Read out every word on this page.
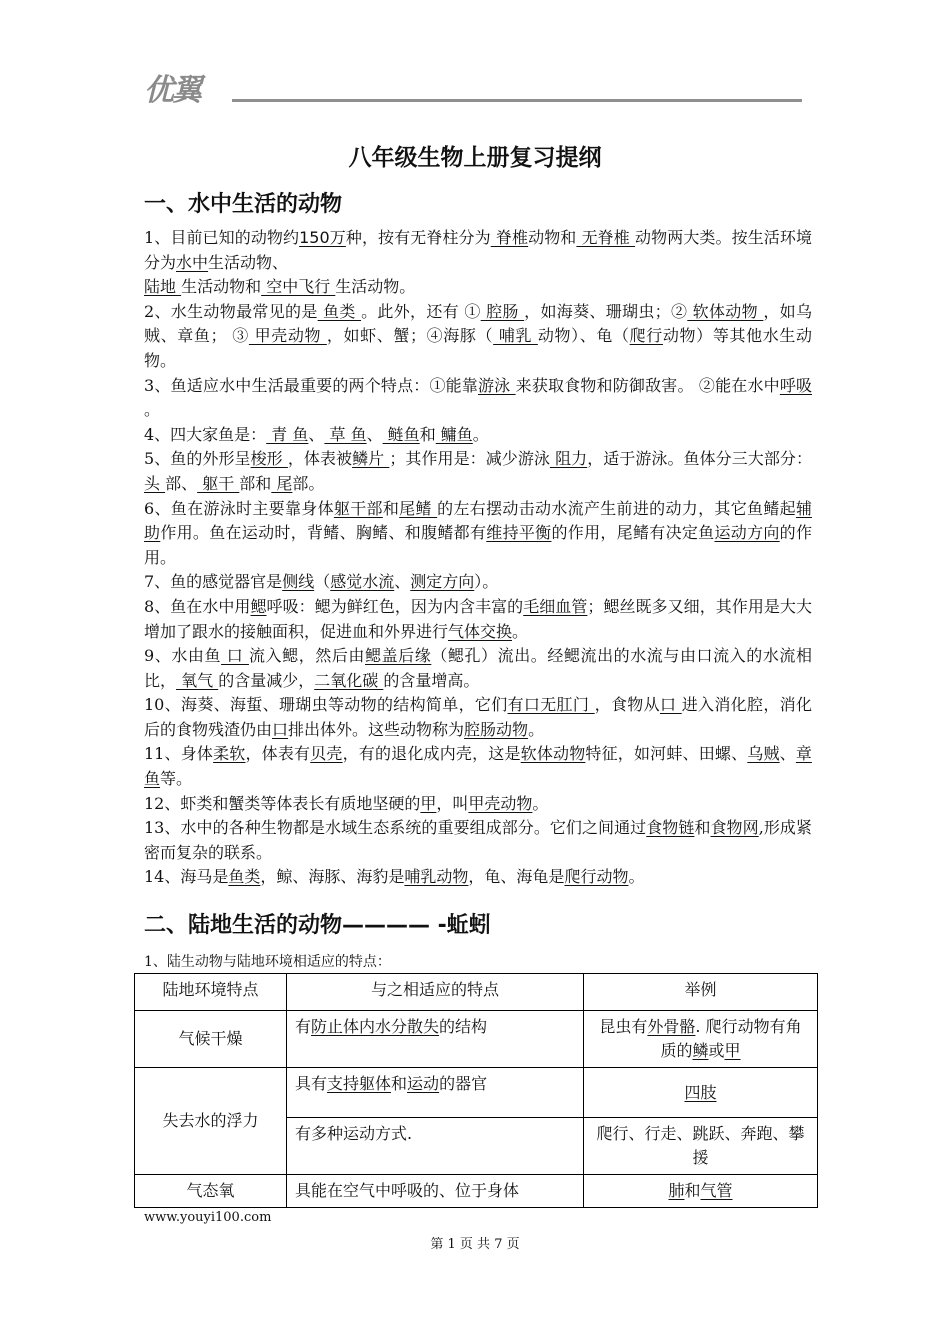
优翼
八年级生物上册复习提纲
一、水中生活的动物

1、目前已知的动物约150万种，按有无脊柱分为 脊椎动物和 无脊椎 动物两大类。按生活环境分为水中生活动物、
陆地 生活动物和 空中飞行 生活动物。

2、水生动物最常见的是 鱼类 。此外，还有 ① 腔肠 ，如海葵、珊瑚虫；② 软体动物 ，如乌贼、章鱼； ③ 甲壳动物 ，如虾、蟹；④海豚（ 哺乳 动物）、龟（爬行动物）等其他水生动物。

3、鱼适应水中生活最重要的两个特点：①能靠游泳 来获取食物和防御敌害。 ②能在水中呼吸 。

4、四大家鱼是： 青 鱼、 草 鱼、 鲢鱼和 鳙鱼。

5、鱼的外形呈梭形 ，体表被鳞片 ；其作用是：减少游泳 阻力，适于游泳。鱼体分三大部分： 头 部、 躯干 部和 尾部。

6、鱼在游泳时主要靠身体躯干部和尾鳍 的左右摆动击动水流产生前进的动力，其它鱼鳍起辅助作用。鱼在运动时，背鳍、胸鳍、和腹鳍都有维持平衡的作用，尾鳍有决定鱼运动方向的作用。

7、鱼的感觉器官是侧线（感觉水流、测定方向）。

8、鱼在水中用鳃呼吸：鳃为鲜红色，因为内含丰富的毛细血管；鳃丝既多又细，其作用是大大增加了跟水的接触面积，促进血和外界进行气体交换。

9、水由鱼 口 流入鳃，然后由鳃盖后缘（鳃孔）流出。经鳃流出的水流与由口流入的水流相比， 氧气 的含量减少，二氧化碳 的含量增高。

10、海葵、海蜇、珊瑚虫等动物的结构简单，它们有口无肛门 ，食物从口 进入消化腔，消化后的食物残渣仍由口排出体外。这些动物称为腔肠动物。

11、身体柔软，体表有贝壳，有的退化成内壳，这是软体动物特征，如河蚌、田螺、乌贼、章鱼等。

12、虾类和蟹类等体表长有质地坚硬的甲，叫甲壳动物。

13、水中的各种生物都是水域生态系统的重要组成部分。它们之间通过食物链和食物网,形成紧密而复杂的联系。

14、海马是鱼类，鲸、海豚、海豹是哺乳动物，龟、海龟是爬行动物。

二、陆地生活的动物———— -蚯蚓
1、陆生动物与陆地环境相适应的特点：
陆地环境特点	与之相适应的特点	举例
气候干燥	有防止体内水分散失的结构	昆虫有外骨骼. 爬行动物有角质的鳞或甲
失去水的浮力	具有支持躯体和运动的器官	四肢
	有多种运动方式.	爬行、行走、跳跃、奔跑、攀援
气态氧	具能在空气中呼吸的、位于身体	肺和气管
www.youyi100.com
第 1 页 共 7 页
